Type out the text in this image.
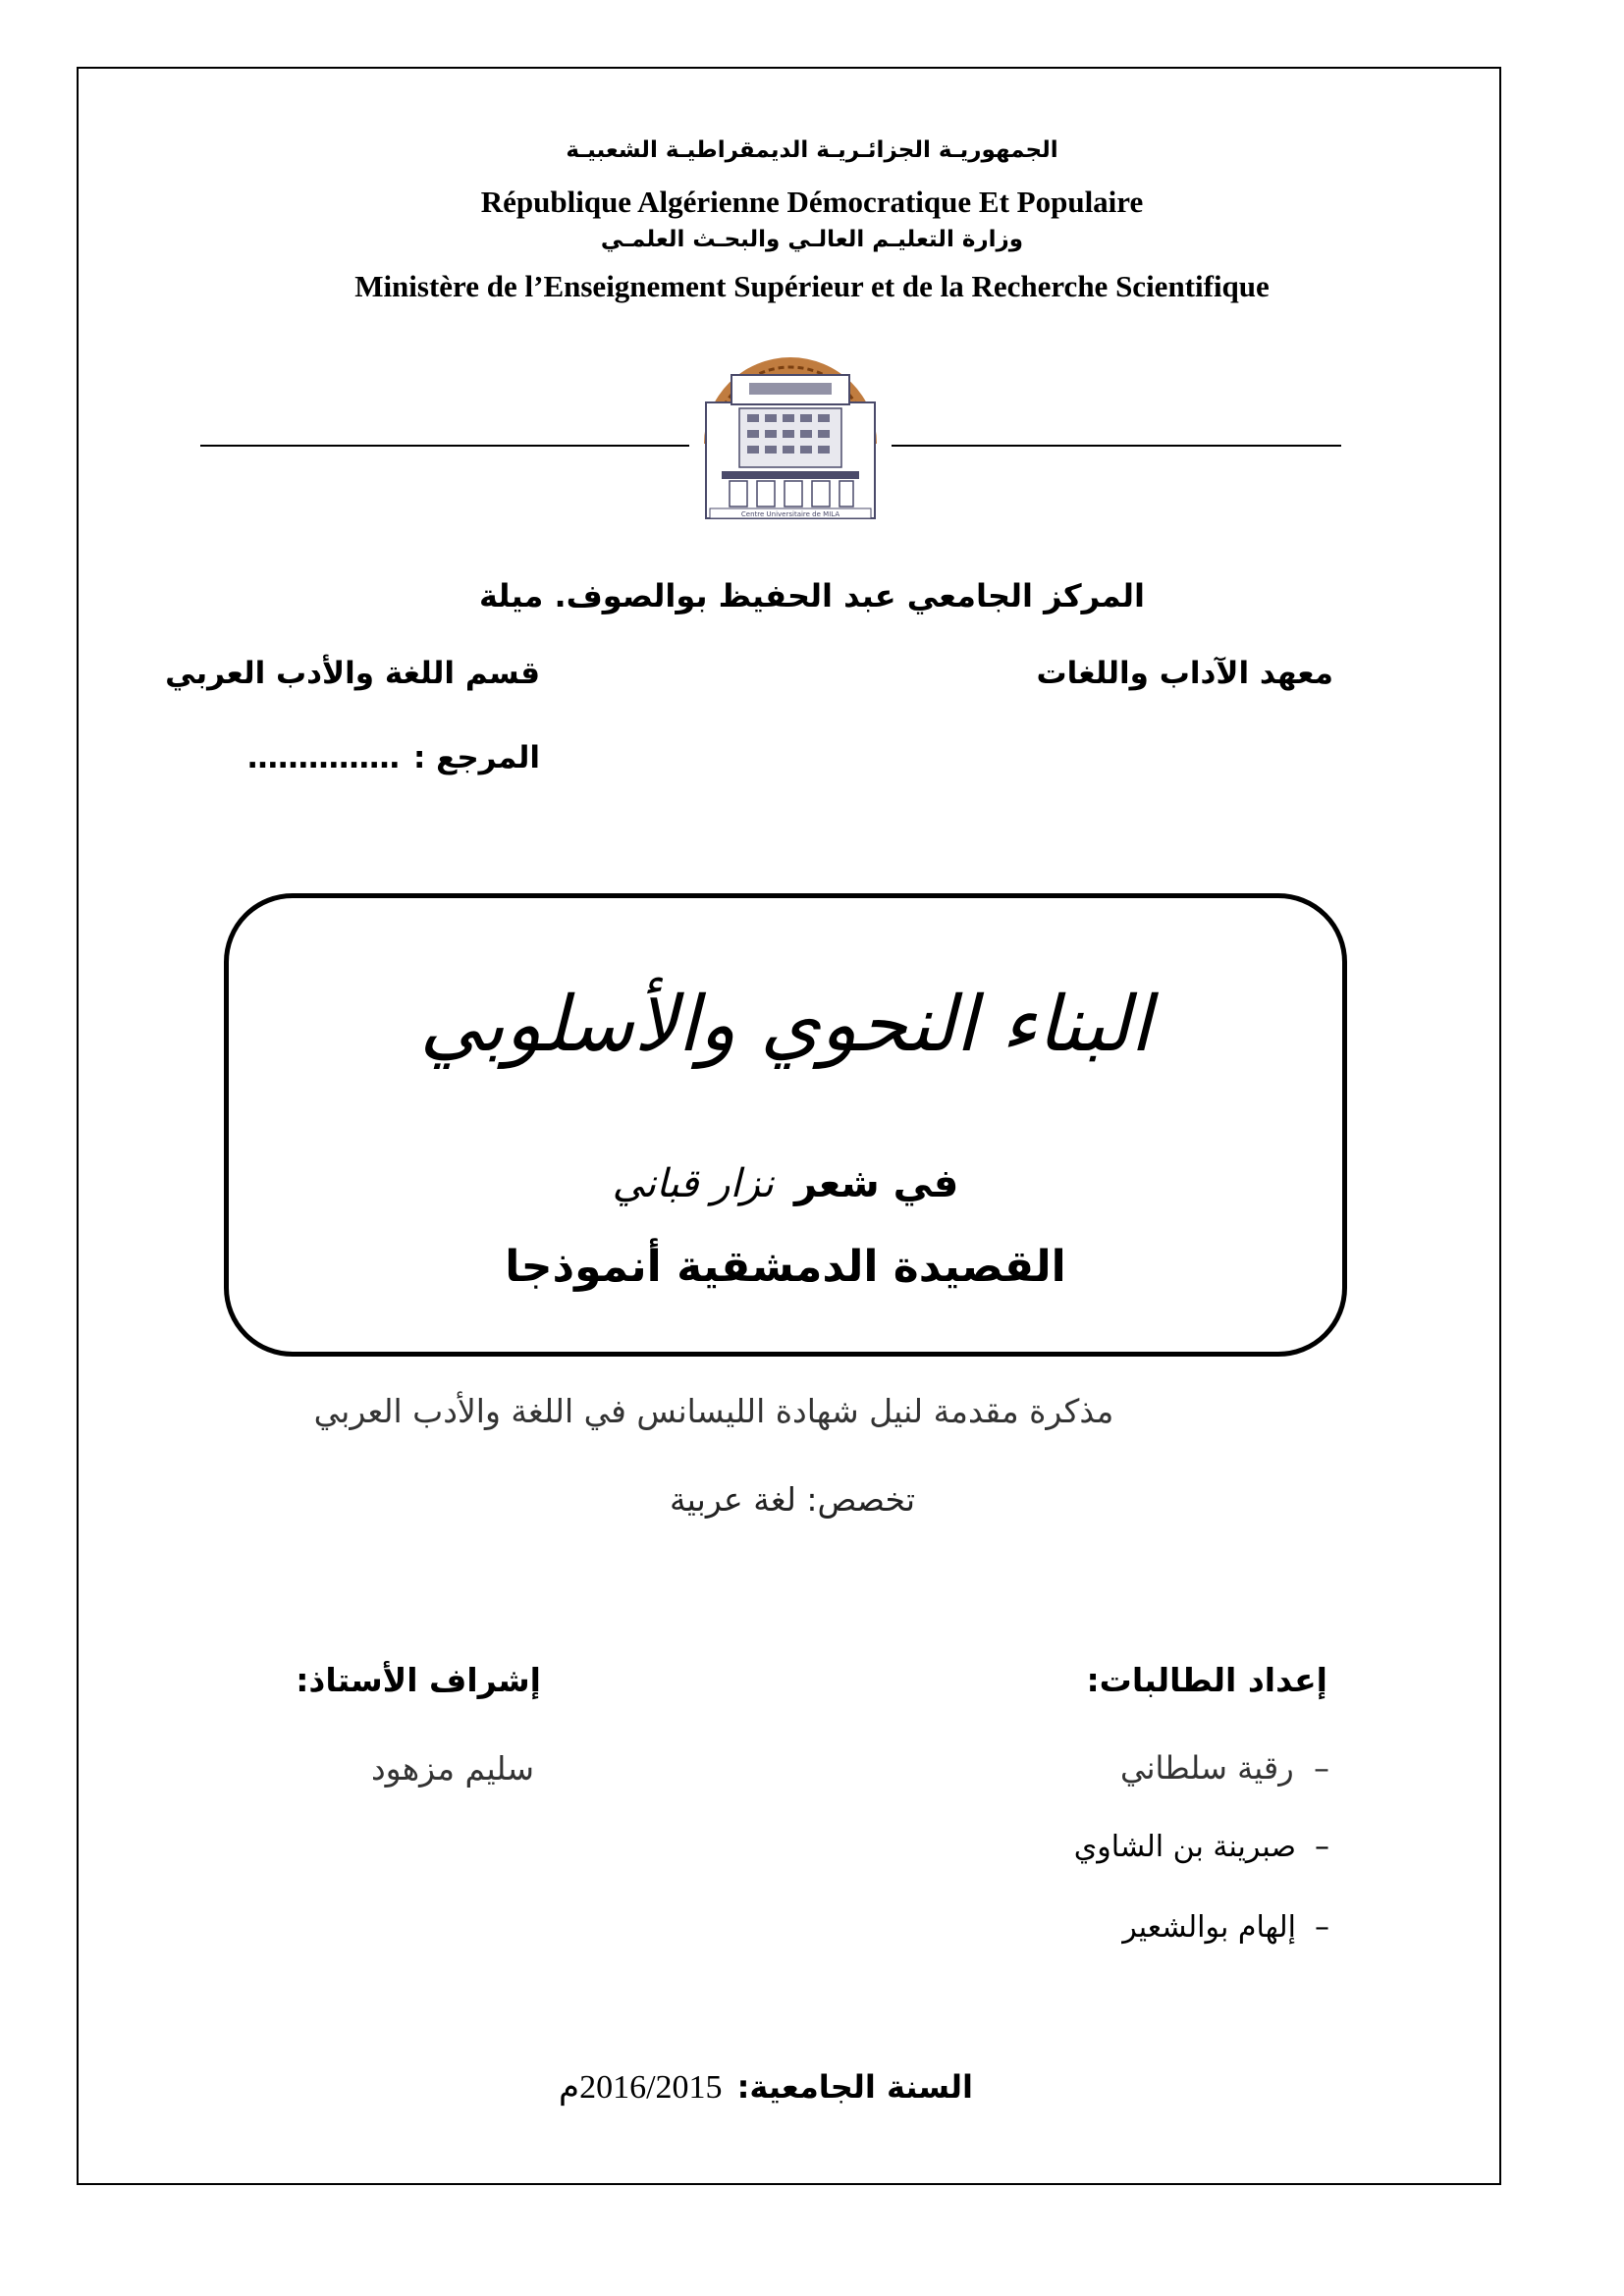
الجمهوريـة الجزائـريـة الديمقراطيـة الشعبيـة
République Algérienne Démocratique Et Populaire
وزارة التعليـم العالـي والبحـث العلمـي
Ministère de l’Enseignement Supérieur et de la Recherche Scientifique
Centre Universitaire de MILA
المركز الجامعي عبد الحفيظ بوالصوف. ميلة
معهد الآداب واللغات
قسم اللغة والأدب العربي
المرجع :
……………
البناء النحوي والأسلوبي
في شعر نزار قباني
القصيدة الدمشقية أنموذجا
مذكرة مقدمة لنيل شهادة الليسانس في اللغة والأدب العربي
تخصص: لغة عربية
إعداد الطالبات:
إشراف الأستاذ:
–  رقية سلطاني
–  صبرينة بن الشاوي
–  إلهام بوالشعير
سليم مزهود
السنة الجامعية: 2016/2015م
